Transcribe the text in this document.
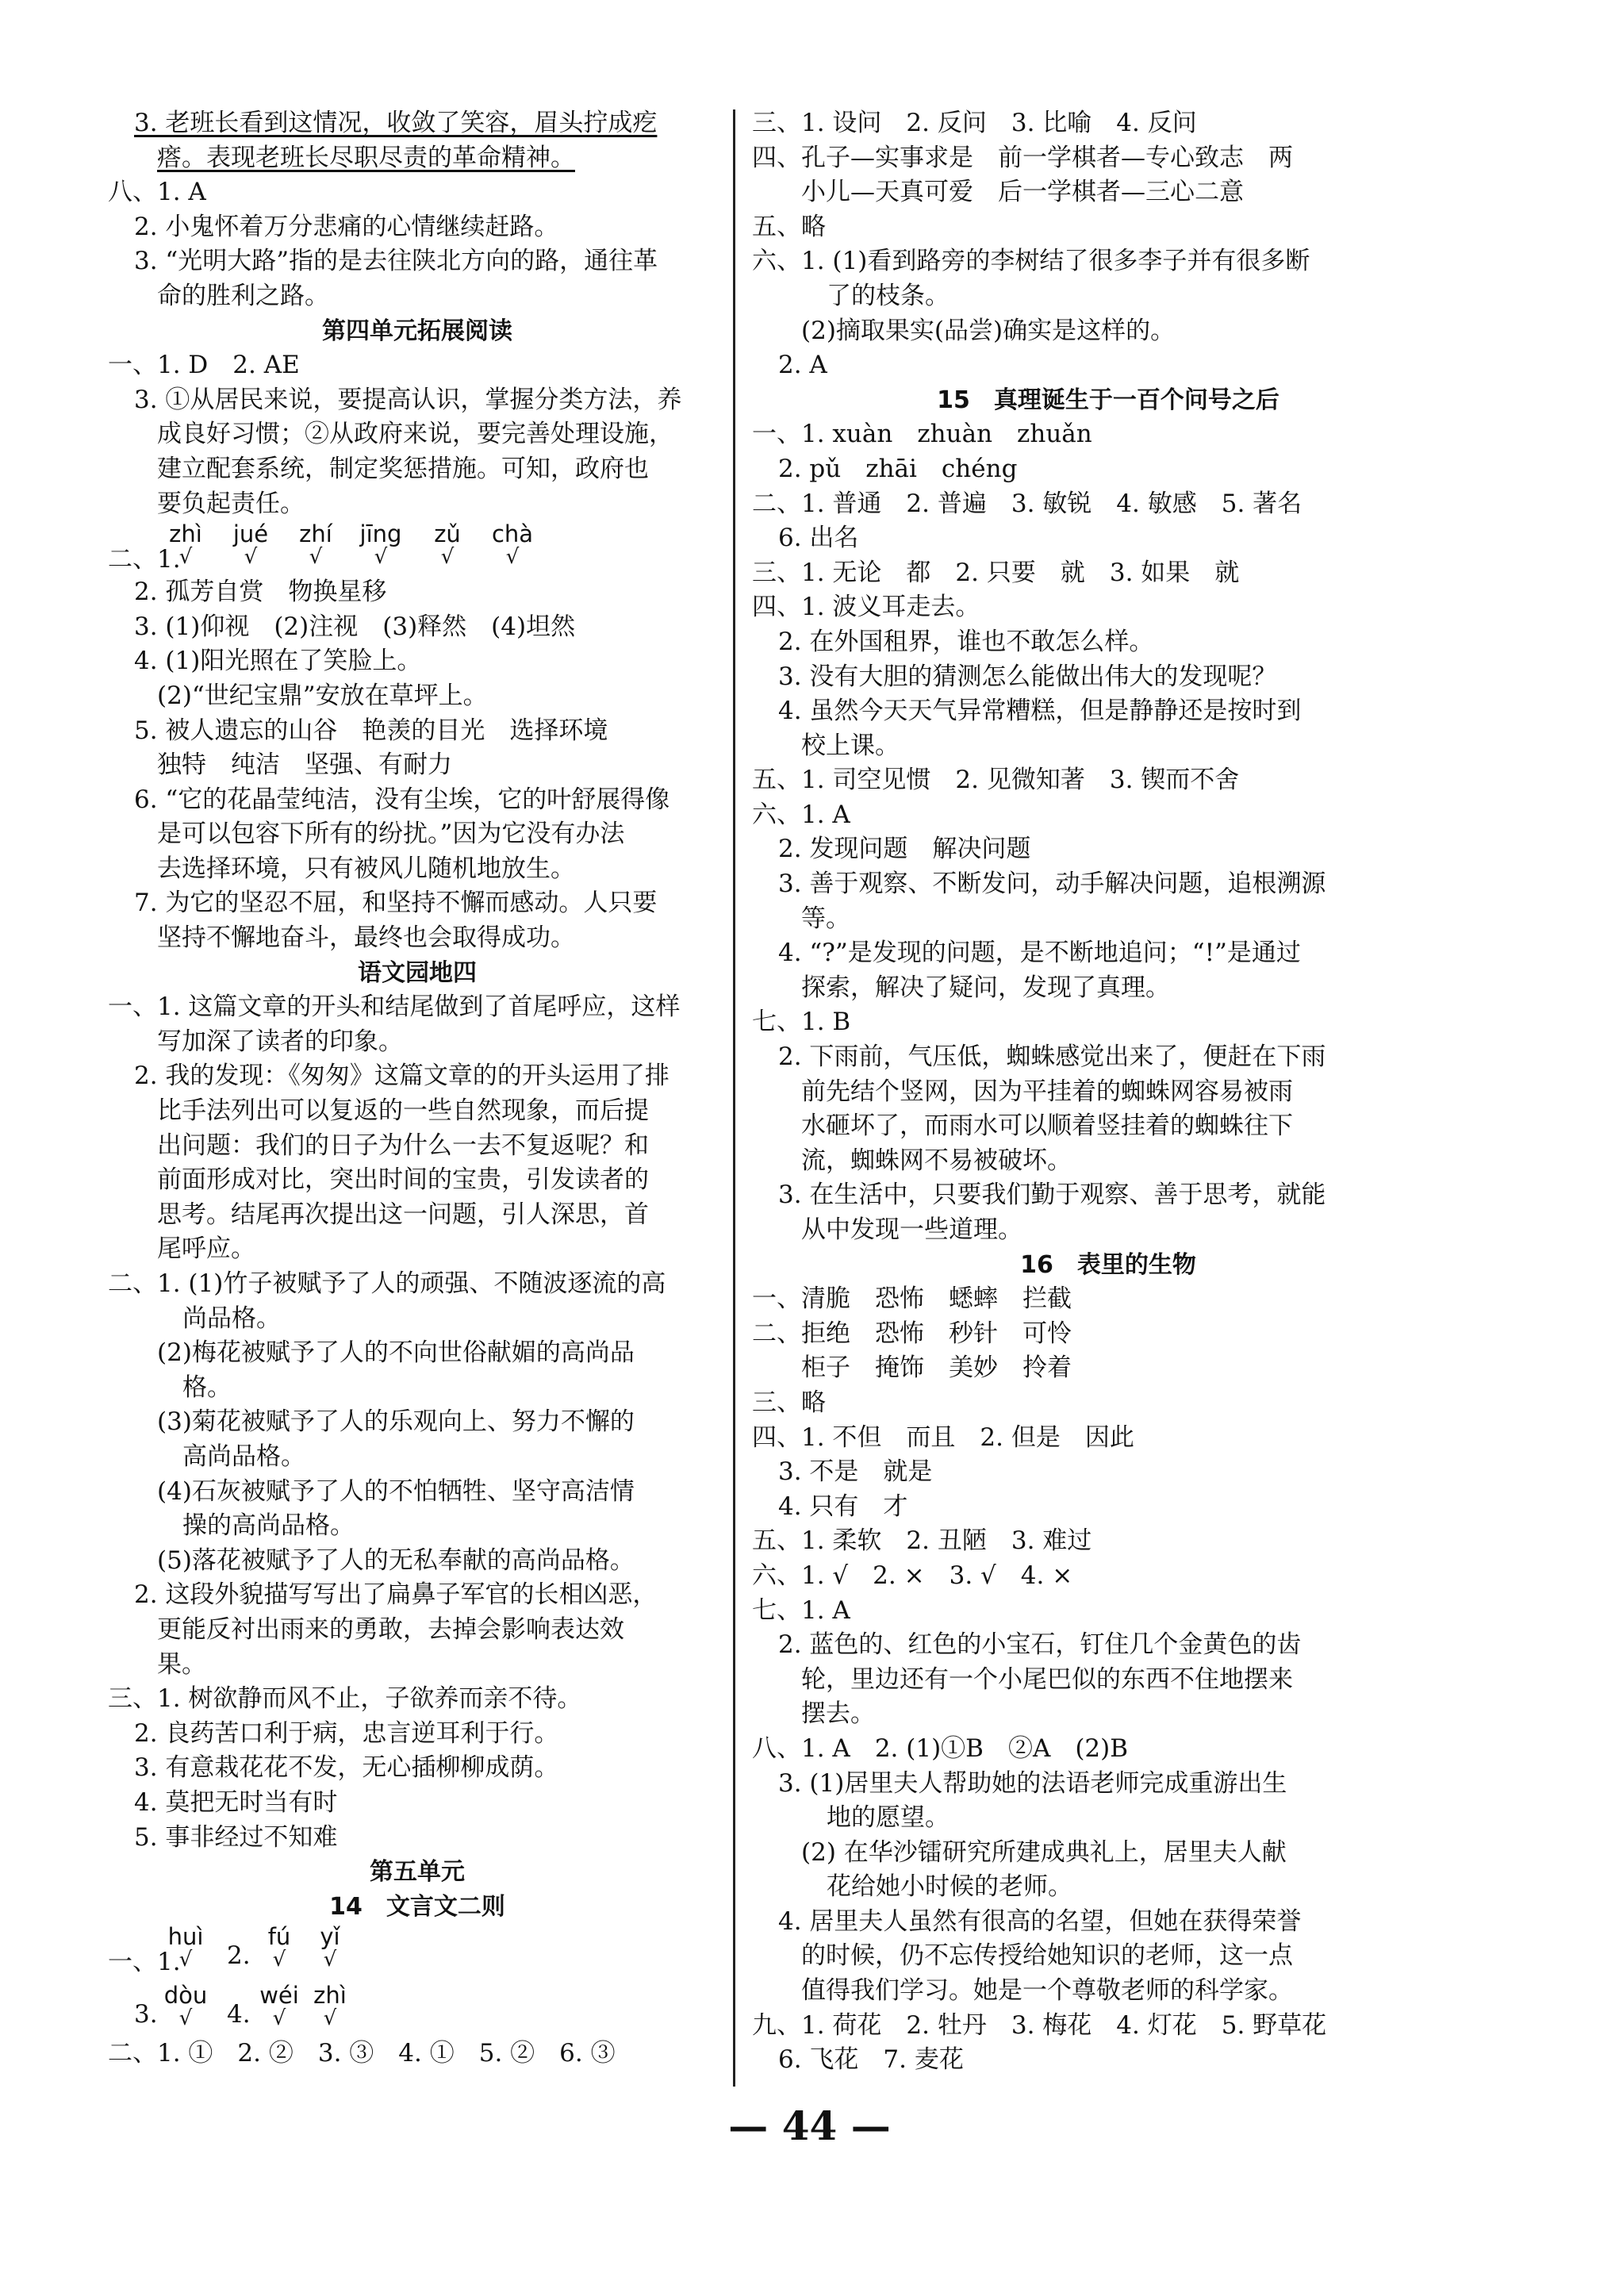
3. 老班长看到这情况，收敛了笑容，眉头拧成疙
瘩。表现老班长尽职尽责的革命精神。
八、1. A
2. 小鬼怀着万分悲痛的心情继续赶路。
3. “光明大路”指的是去往陕北方向的路，通往革
命的胜利之路。
第四单元拓展阅读
一、1. D　2. AE
3. ①从居民来说，要提高认识，掌握分类方法，养
成良好习惯；②从政府来说，要完善处理设施，
建立配套系统，制定奖惩措施。可知，政府也
要负起责任。
二、1.
zhì
√
jué
√
zhí
√
jīng
√
zǔ
√
chà
√
2. 孤芳自赏　物换星移
3. (1)仰视　(2)注视　(3)释然　(4)坦然
4. (1)阳光照在了笑脸上。
(2)“世纪宝鼎”安放在草坪上。
5. 被人遗忘的山谷　艳羡的目光　选择环境
独特　纯洁　坚强、有耐力
6. “它的花晶莹纯洁，没有尘埃，它的叶舒展得像
是可以包容下所有的纷扰。”因为它没有办法
去选择环境，只有被风儿随机地放生。
7. 为它的坚忍不屈，和坚持不懈而感动。人只要
坚持不懈地奋斗，最终也会取得成功。
语文园地四
一、1. 这篇文章的开头和结尾做到了首尾呼应，这样
写加深了读者的印象。
2. 我的发现：《匆匆》这篇文章的的开头运用了排
比手法列出可以复返的一些自然现象，而后提
出问题：我们的日子为什么一去不复返呢？和
前面形成对比，突出时间的宝贵，引发读者的
思考。结尾再次提出这一问题，引人深思，首
尾呼应。
二、1. (1)竹子被赋予了人的顽强、不随波逐流的高
尚品格。
(2)梅花被赋予了人的不向世俗献媚的高尚品
格。
(3)菊花被赋予了人的乐观向上、努力不懈的
高尚品格。
(4)石灰被赋予了人的不怕牺牲、坚守高洁情
操的高尚品格。
(5)落花被赋予了人的无私奉献的高尚品格。
2. 这段外貌描写写出了扁鼻子军官的长相凶恶，
更能反衬出雨来的勇敢，去掉会影响表达效
果。
三、1. 树欲静而风不止，子欲养而亲不待。
2. 良药苦口利于病，忠言逆耳利于行。
3. 有意栽花花不发，无心插柳柳成荫。
4. 莫把无时当有时
5. 事非经过不知难
第五单元
14　文言文二则
一、1.
huì
√	2.
fú
√
yǐ
√
3.
dòu
√	4.
wéi
√
zhì
√
二、1. ①　2. ②　3. ③　4. ①　5. ②　6. ③
三、1. 设问　2. 反问　3. 比喻　4. 反问
四、孔子—实事求是　前一学棋者—专心致志　两
小儿—天真可爱　后一学棋者—三心二意
五、略
六、1. (1)看到路旁的李树结了很多李子并有很多断
了的枝条。
(2)摘取果实(品尝)确实是这样的。
2. A
15　真理诞生于一百个问号之后
一、1. xuàn　zhuàn　zhuǎn
2. pǔ　zhāi　chéng
二、1. 普通　2. 普遍　3. 敏锐　4. 敏感　5. 著名
6. 出名
三、1. 无论　都　2. 只要　就　3. 如果　就
四、1. 波义耳走去。
2. 在外国租界，谁也不敢怎么样。
3. 没有大胆的猜测怎么能做出伟大的发现呢？
4. 虽然今天天气异常糟糕，但是静静还是按时到
校上课。
五、1. 司空见惯　2. 见微知著　3. 锲而不舍
六、1. A
2. 发现问题　解决问题
3. 善于观察、不断发问，动手解决问题，追根溯源
等。
4. “?”是发现的问题，是不断地追问；“!”是通过
探索，解决了疑问，发现了真理。
七、1. B
2. 下雨前，气压低，蜘蛛感觉出来了，便赶在下雨
前先结个竖网，因为平挂着的蜘蛛网容易被雨
水砸坏了，而雨水可以顺着竖挂着的蜘蛛往下
流，蜘蛛网不易被破坏。
3. 在生活中，只要我们勤于观察、善于思考，就能
从中发现一些道理。
16　表里的生物
一、清脆　恐怖　蟋蟀　拦截
二、拒绝　恐怖　秒针　可怜
柜子　掩饰　美妙　拎着
三、略
四、1. 不但　而且　2. 但是　因此
3. 不是　就是
4. 只有　才
五、1. 柔软　2. 丑陋　3. 难过
六、1. √　2. ×　3. √　4. ×
七、1. A
2. 蓝色的、红色的小宝石，钉住几个金黄色的齿
轮，里边还有一个小尾巴似的东西不住地摆来
摆去。
八、1. A　2. (1)①B　②A　(2)B
3. (1)居里夫人帮助她的法语老师完成重游出生
地的愿望。
(2) 在华沙镭研究所建成典礼上，居里夫人献
花给她小时候的老师。
4. 居里夫人虽然有很高的名望，但她在获得荣誉
的时候，仍不忘传授给她知识的老师，这一点
值得我们学习。她是一个尊敬老师的科学家。
九、1. 荷花　2. 牡丹　3. 梅花　4. 灯花　5. 野草花
6. 飞花　7. 麦花
— 44 —
